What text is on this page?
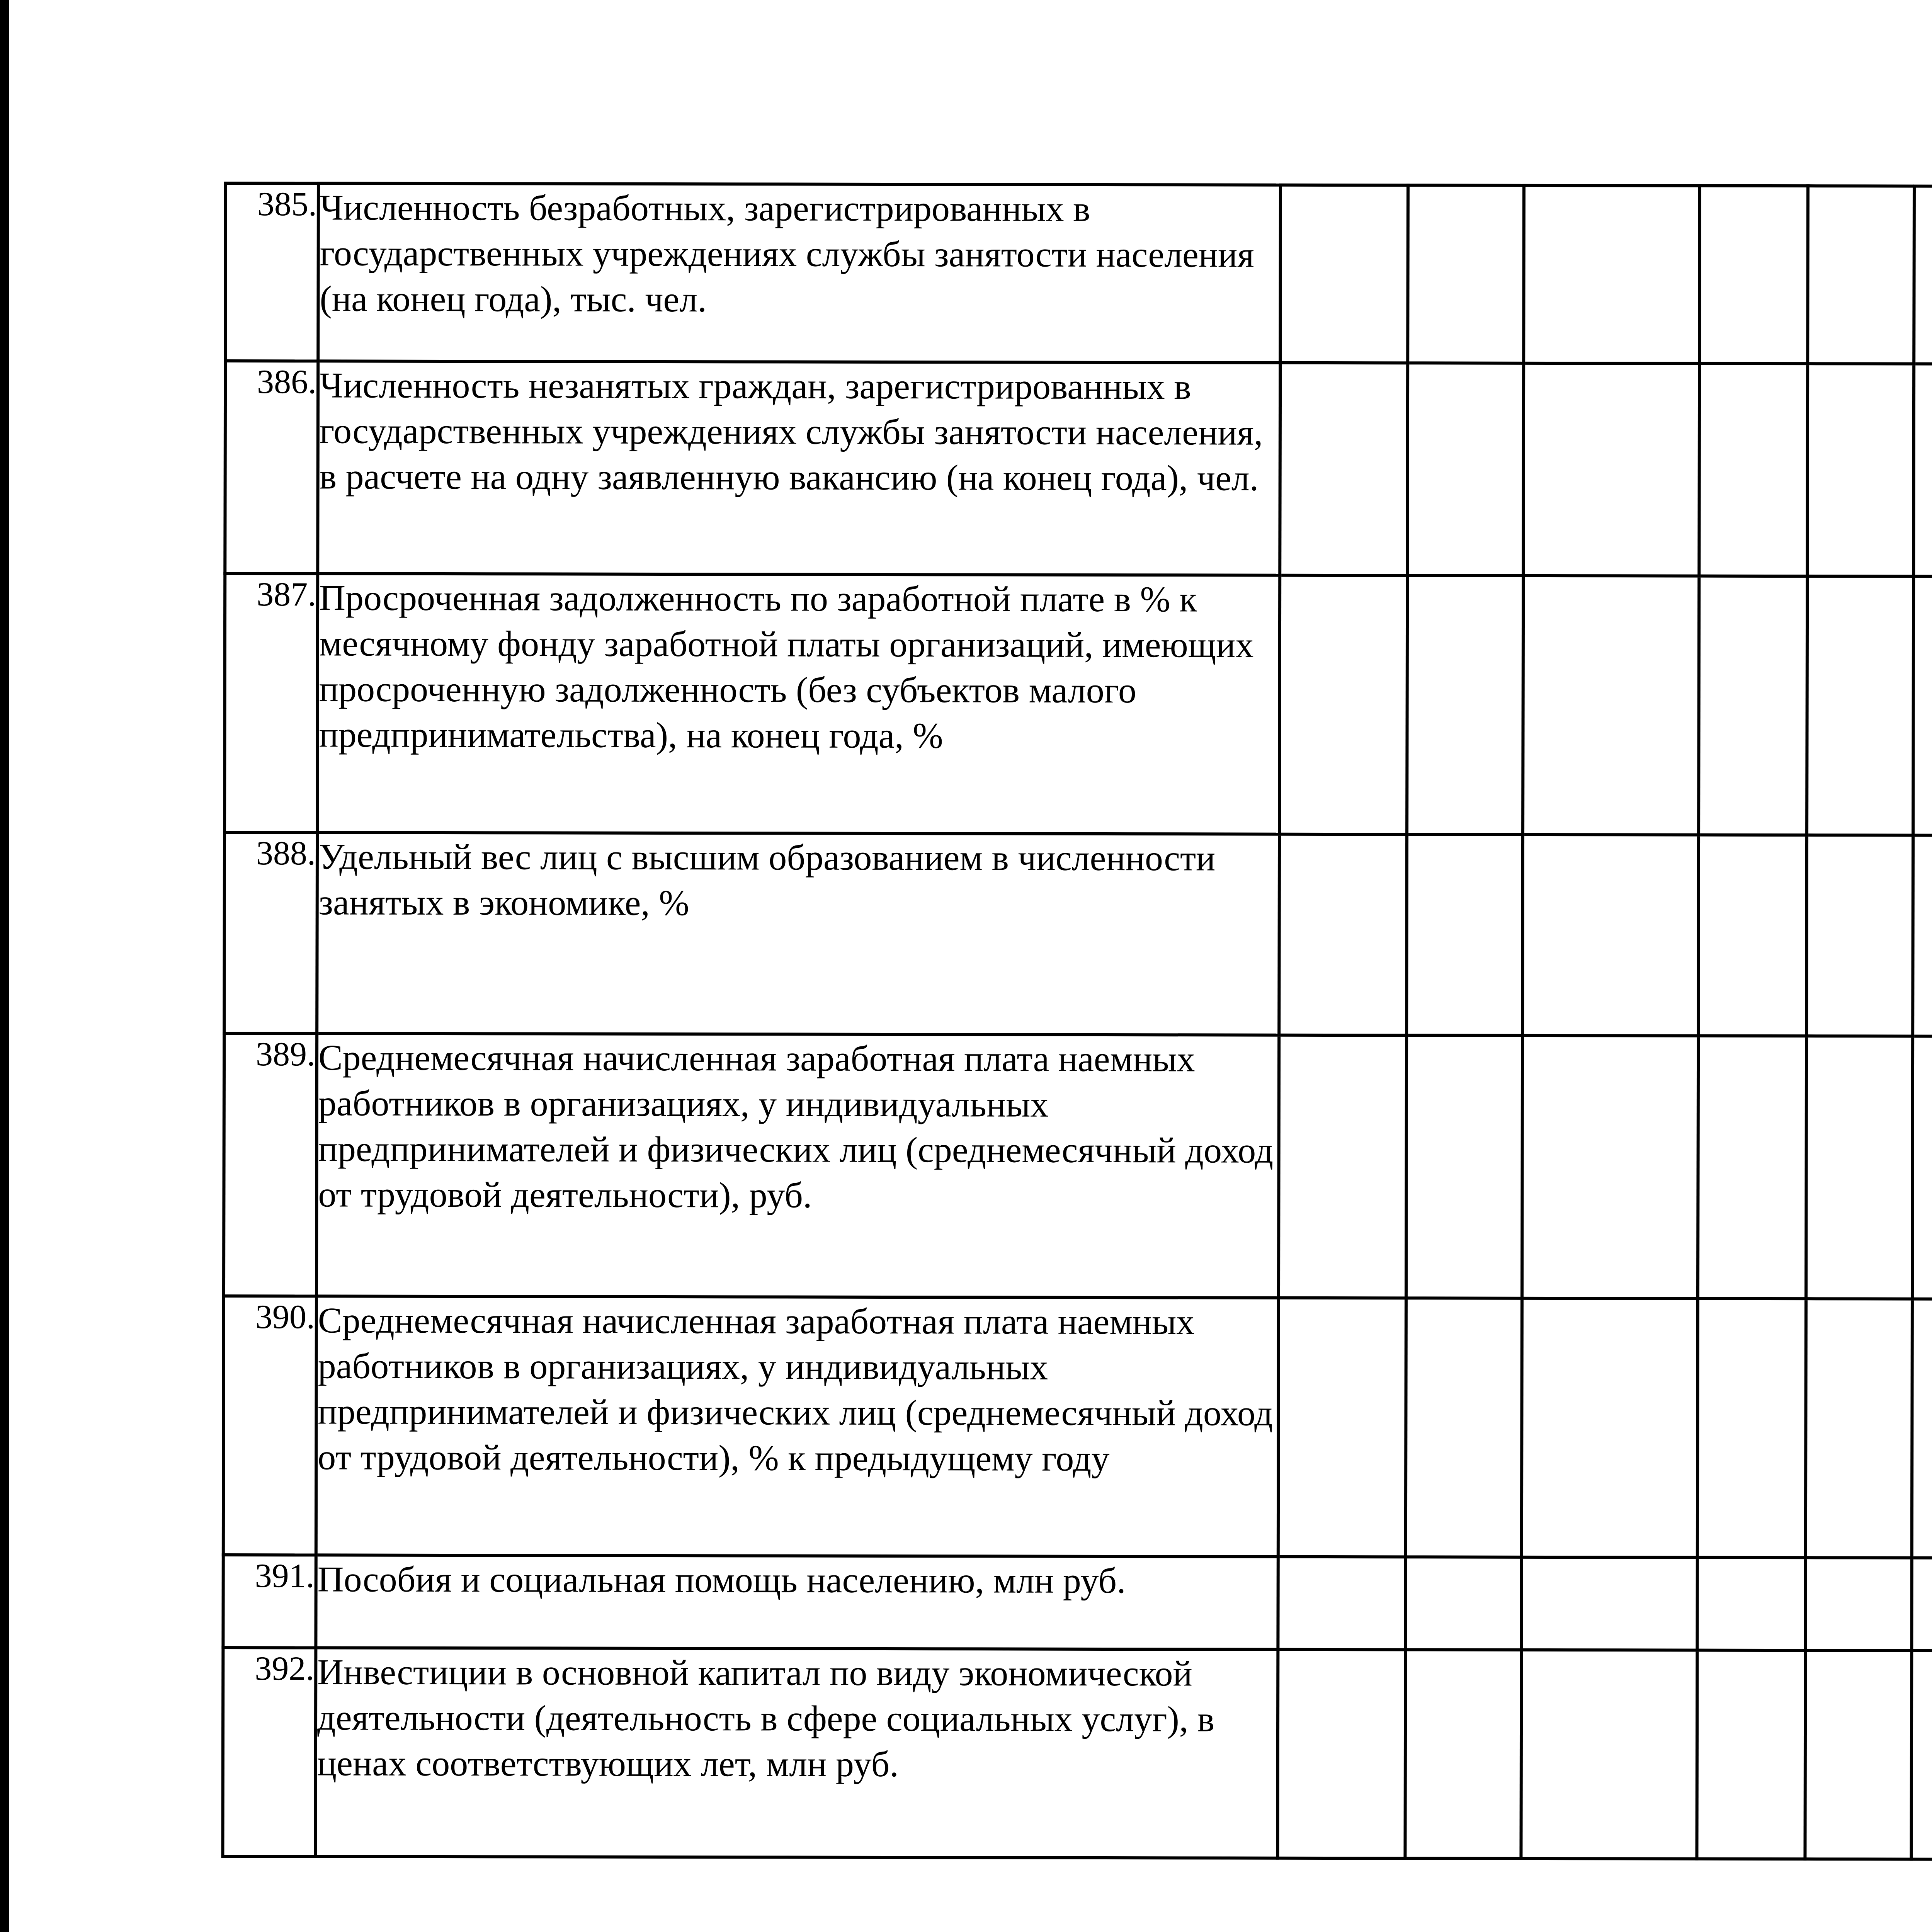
385.	Численность безработных, зарегистрированных в государственных учреждениях службы занятости населения (на конец года), тыс. чел.												
386.	Численность незанятых граждан, зарегистрированных в государственных учреждениях службы занятости населения, в расчете на одну заявленную вакансию (на конец года), чел.												
387.	Просроченная задолженность по заработной плате в % к месячному фонду заработной платы организаций, имеющих просроченную задолженность (без субъектов малого предпринимательства), на конец года, %												
388.	Удельный вес лиц с высшим образованием в численности занятых в экономике, %												
389.	Среднемесячная начисленная заработная плата наемных работников в организациях, у индивидуальных предпринимателей и физических лиц (среднемесячный доход от трудовой деятельности), руб.												
390.	Среднемесячная начисленная заработная плата наемных работников в организациях, у индивидуальных предпринимателей и физических лиц (среднемесячный доход от трудовой деятельности), % к предыдущему году												
391.	Пособия и социальная помощь населению, млн руб.												
392.	Инвестиции в основной капитал по виду экономической деятельности (деятельность в сфере социальных услуг), в ценах соответствующих лет, млн руб.												
